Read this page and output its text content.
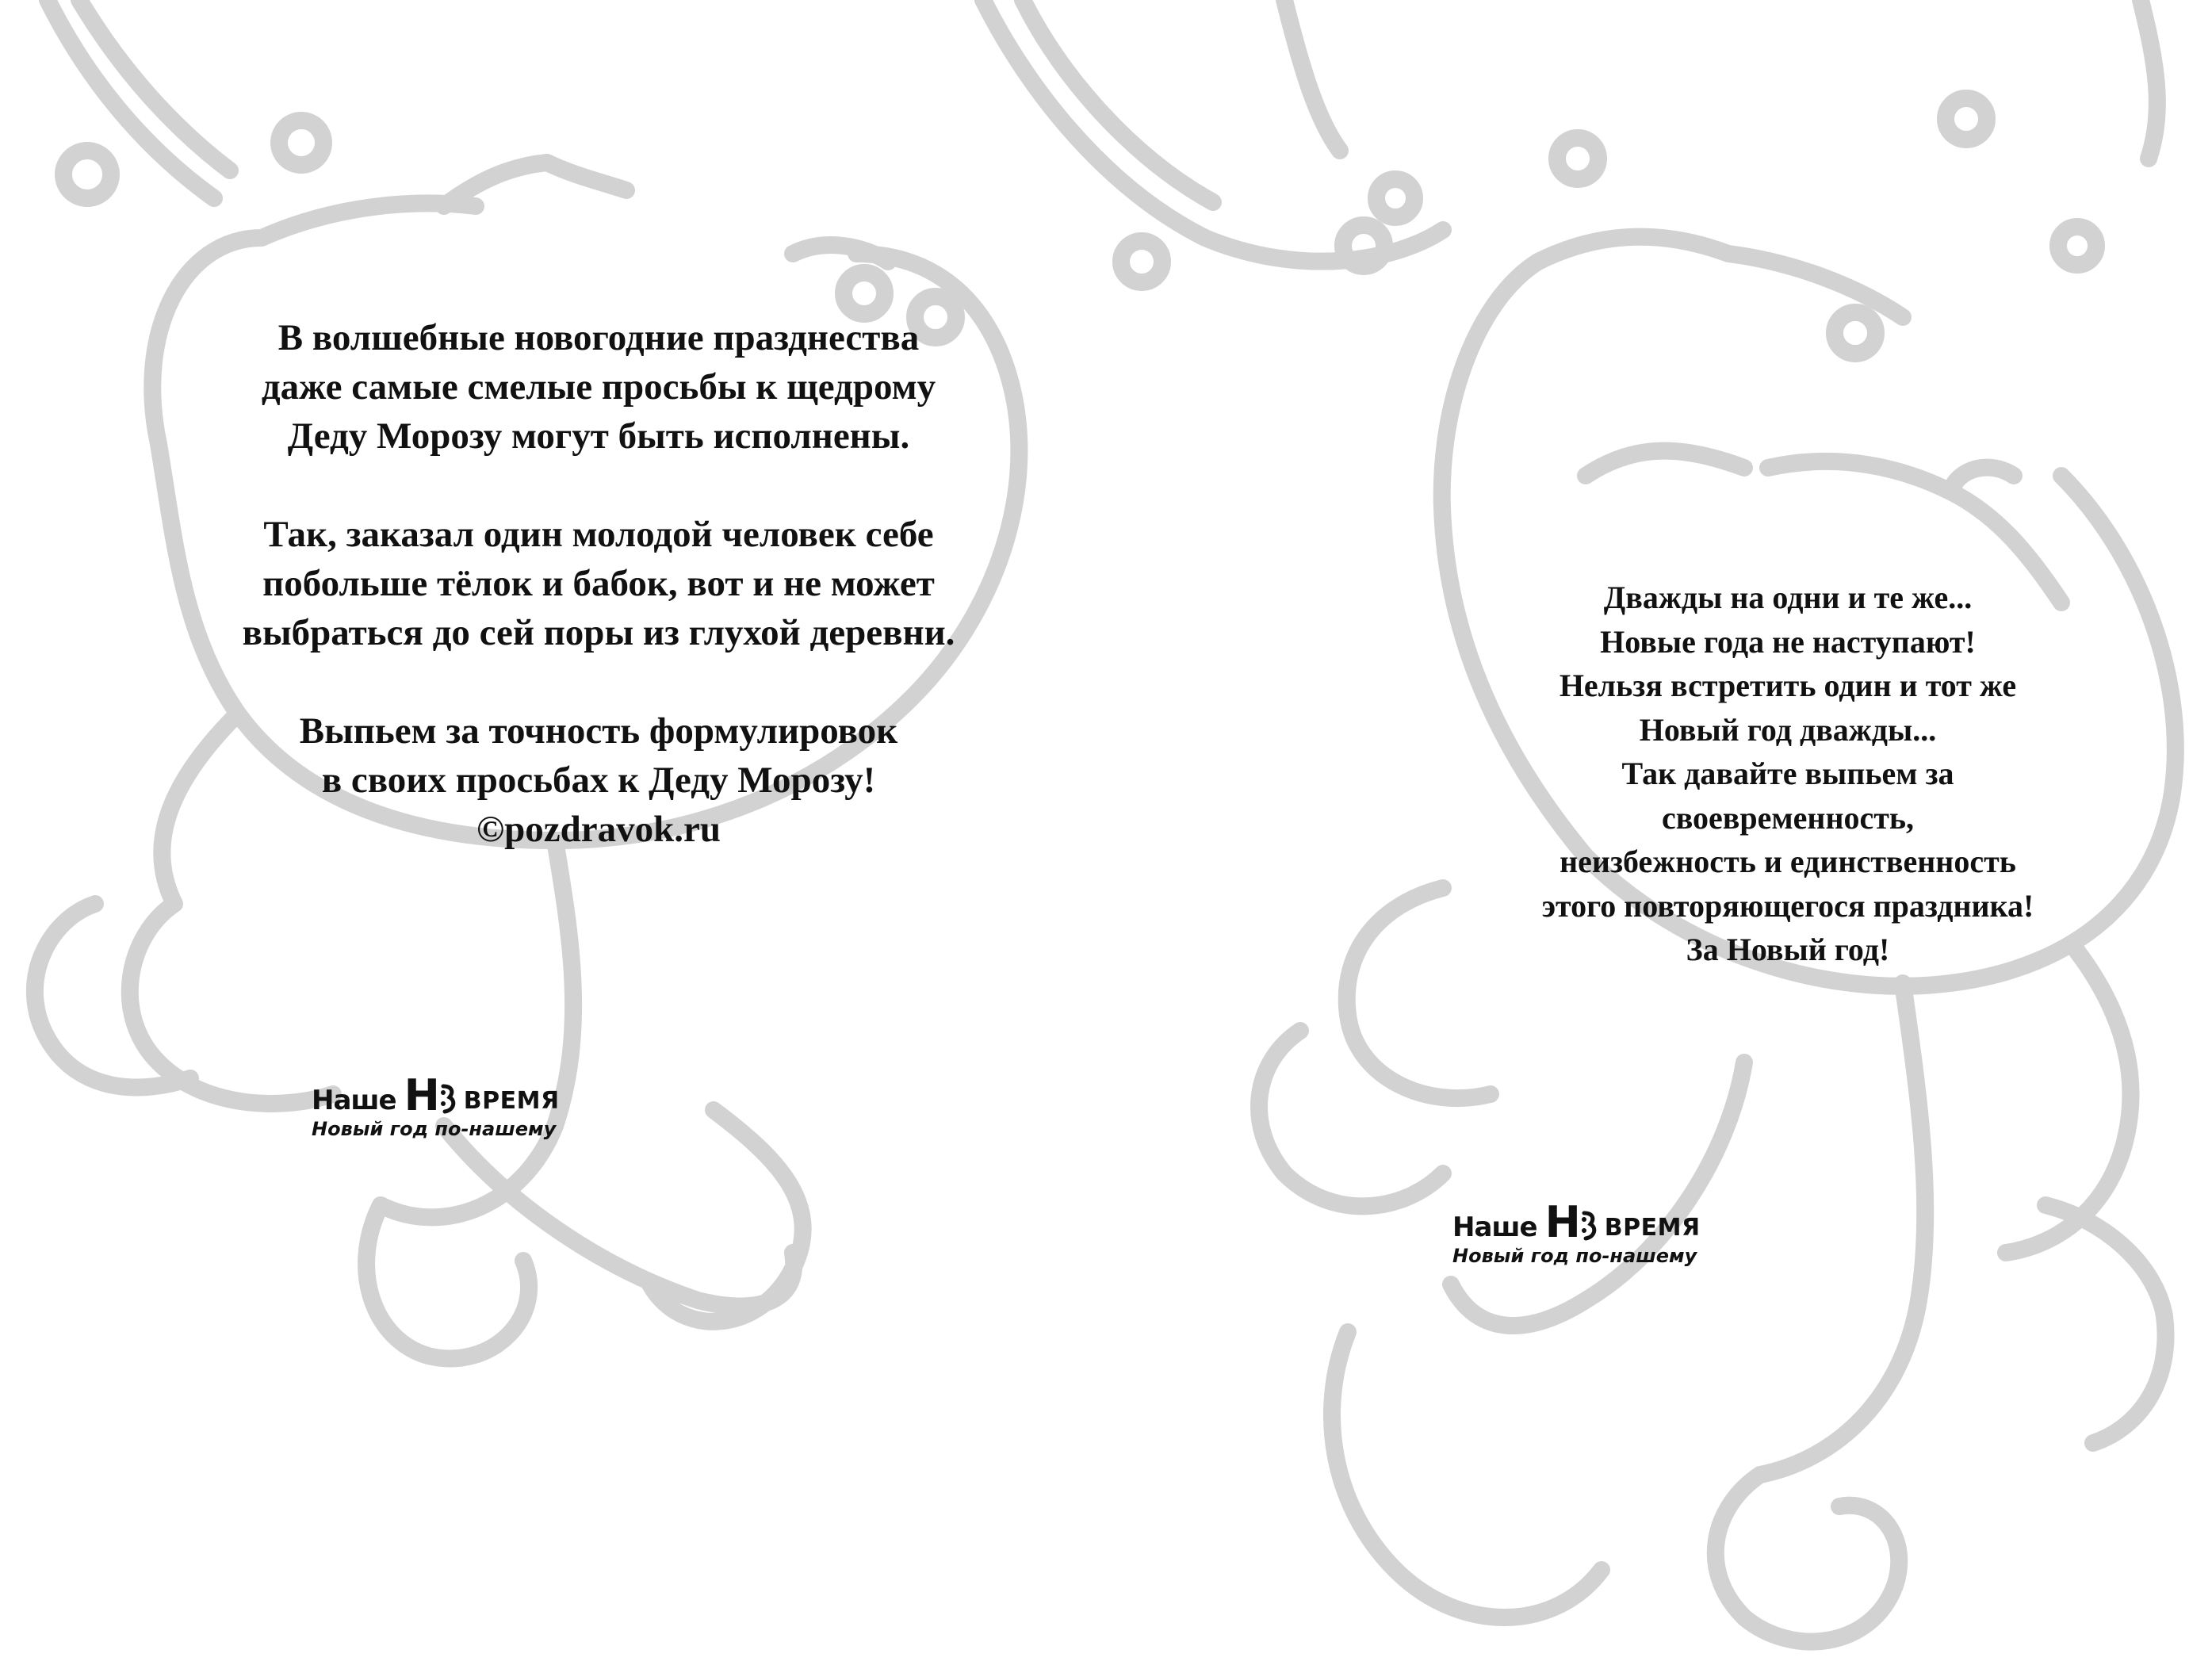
В волшебные новогодние празднества

даже самые смелые просьбы к щедрому

Деду Морозу могут быть исполнены.

Так, заказал один молодой человек себе

побольше тёлок и бабок, вот и не может

выбраться до сей поры из глухой деревни.

Выпьем за точность формулировок

в своих просьбах к Деду Морозу!

©pozdravok.ru

Дважды на одни и те же...

Новые года не наступают!

Нельзя встретить один и тот же

Новый год дважды...

Так давайте выпьем за

своевременность,

неизбежность и единственность

этого повторяющегося праздника!

За Новый год!

Наше Н ВРЕМЯ
Новый год по-нашему
Наше Н ВРЕМЯ
Новый год по-нашему
